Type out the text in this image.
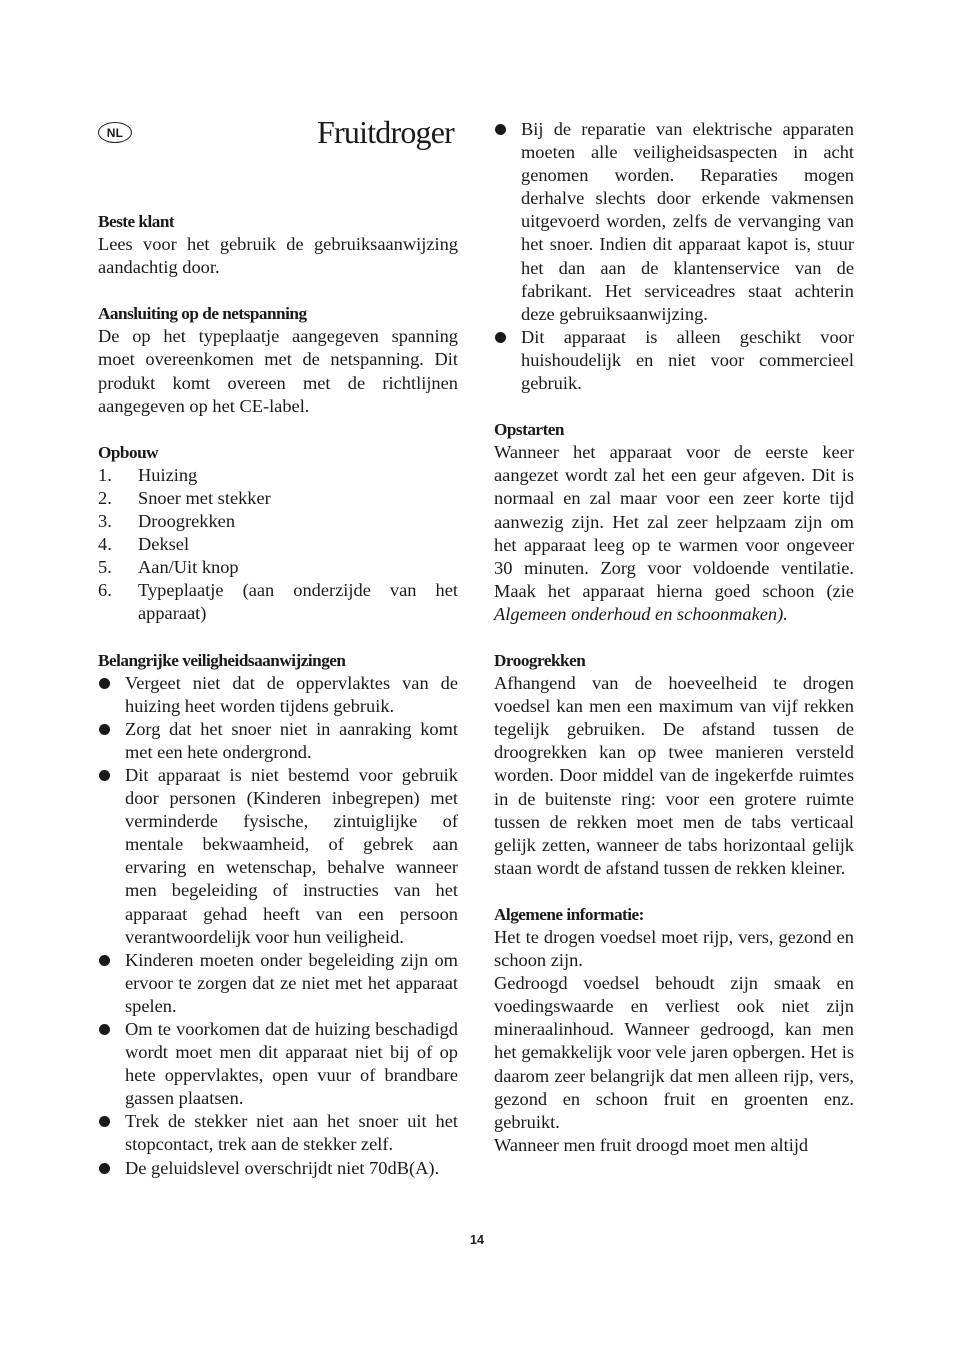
NL	Fruitdroger
Beste klant

Lees voor het gebruik de gebruiksaanwijzing aandachtig door.

Aansluiting op de netspanning

De op het typeplaatje aangegeven spanning moet overeenkomen met de netspanning. Dit produkt komt overeen met de richtlijnen aangegeven op het CE-label.

Opbouw
1.	Huizing
2.	Snoer met stekker
3.	Droogrekken
4.	Deksel
5.	Aan/Uit knop
6.	Typeplaatje (aan onderzijde van het apparaat)
Belangrijke veiligheidsaanwijzingen
Vergeet niet dat de oppervlaktes van de huizing heet worden tijdens gebruik.
Zorg dat het snoer niet in aanraking komt met een hete ondergrond.
Dit apparaat is niet bestemd voor gebruik door personen (Kinderen inbegrepen) met verminderde fysische, zintuiglijke of mentale bekwaamheid, of gebrek aan ervaring en wetenschap, behalve wanneer men begeleiding of instructies van het apparaat gehad heeft van een persoon verantwoordelijk voor hun veiligheid.
Kinderen moeten onder begeleiding zijn om ervoor te zorgen dat ze niet met het apparaat spelen.
Om te voorkomen dat de huizing beschadigd wordt moet men dit apparaat niet bij of op hete oppervlaktes, open vuur of brandbare gassen plaatsen.
Trek de stekker niet aan het snoer uit het stopcontact, trek aan de stekker zelf.
De geluidslevel overschrijdt niet 70dB(A).
Bij de reparatie van elektrische apparaten moeten alle veiligheidsaspecten in acht genomen worden. Reparaties mogen derhalve slechts door erkende vakmensen uitgevoerd worden, zelfs de vervanging van het snoer. Indien dit apparaat kapot is, stuur het dan aan de klantenservice van de fabrikant. Het serviceadres staat achterin deze gebruiksaanwijzing.
Dit apparaat is alleen geschikt voor huishoudelijk en niet voor commercieel gebruik.
Opstarten

Wanneer het apparaat voor de eerste keer aangezet wordt zal het een geur afgeven. Dit is normaal en zal maar voor een zeer korte tijd aanwezig zijn. Het zal zeer helpzaam zijn om het apparaat leeg op te warmen voor ongeveer 30 minuten. Zorg voor voldoende ventilatie. Maak het apparaat hierna goed schoon (zie Algemeen onderhoud en schoonmaken).

Droogrekken

Afhangend van de hoeveelheid te drogen voedsel kan men een maximum van vijf rekken tegelijk gebruiken. De afstand tussen de droogrekken kan op twee manieren versteld worden. Door middel van de ingekerfde ruimtes in de buitenste ring: voor een grotere ruimte tussen de rekken moet men de tabs verticaal gelijk zetten, wanneer de tabs horizontaal gelijk staan wordt de afstand tussen de rekken kleiner.

Algemene informatie:

Het te drogen voedsel moet rijp, vers, gezond en schoon zijn.

Gedroogd voedsel behoudt zijn smaak en voedingswaarde en verliest ook niet zijn mineraalinhoud. Wanneer gedroogd, kan men het gemakkelijk voor vele jaren opbergen. Het is daarom zeer belangrijk dat men alleen rijp, vers, gezond en schoon fruit en groenten enz. gebruikt.

Wanneer men fruit droogd moet men altijd

14
